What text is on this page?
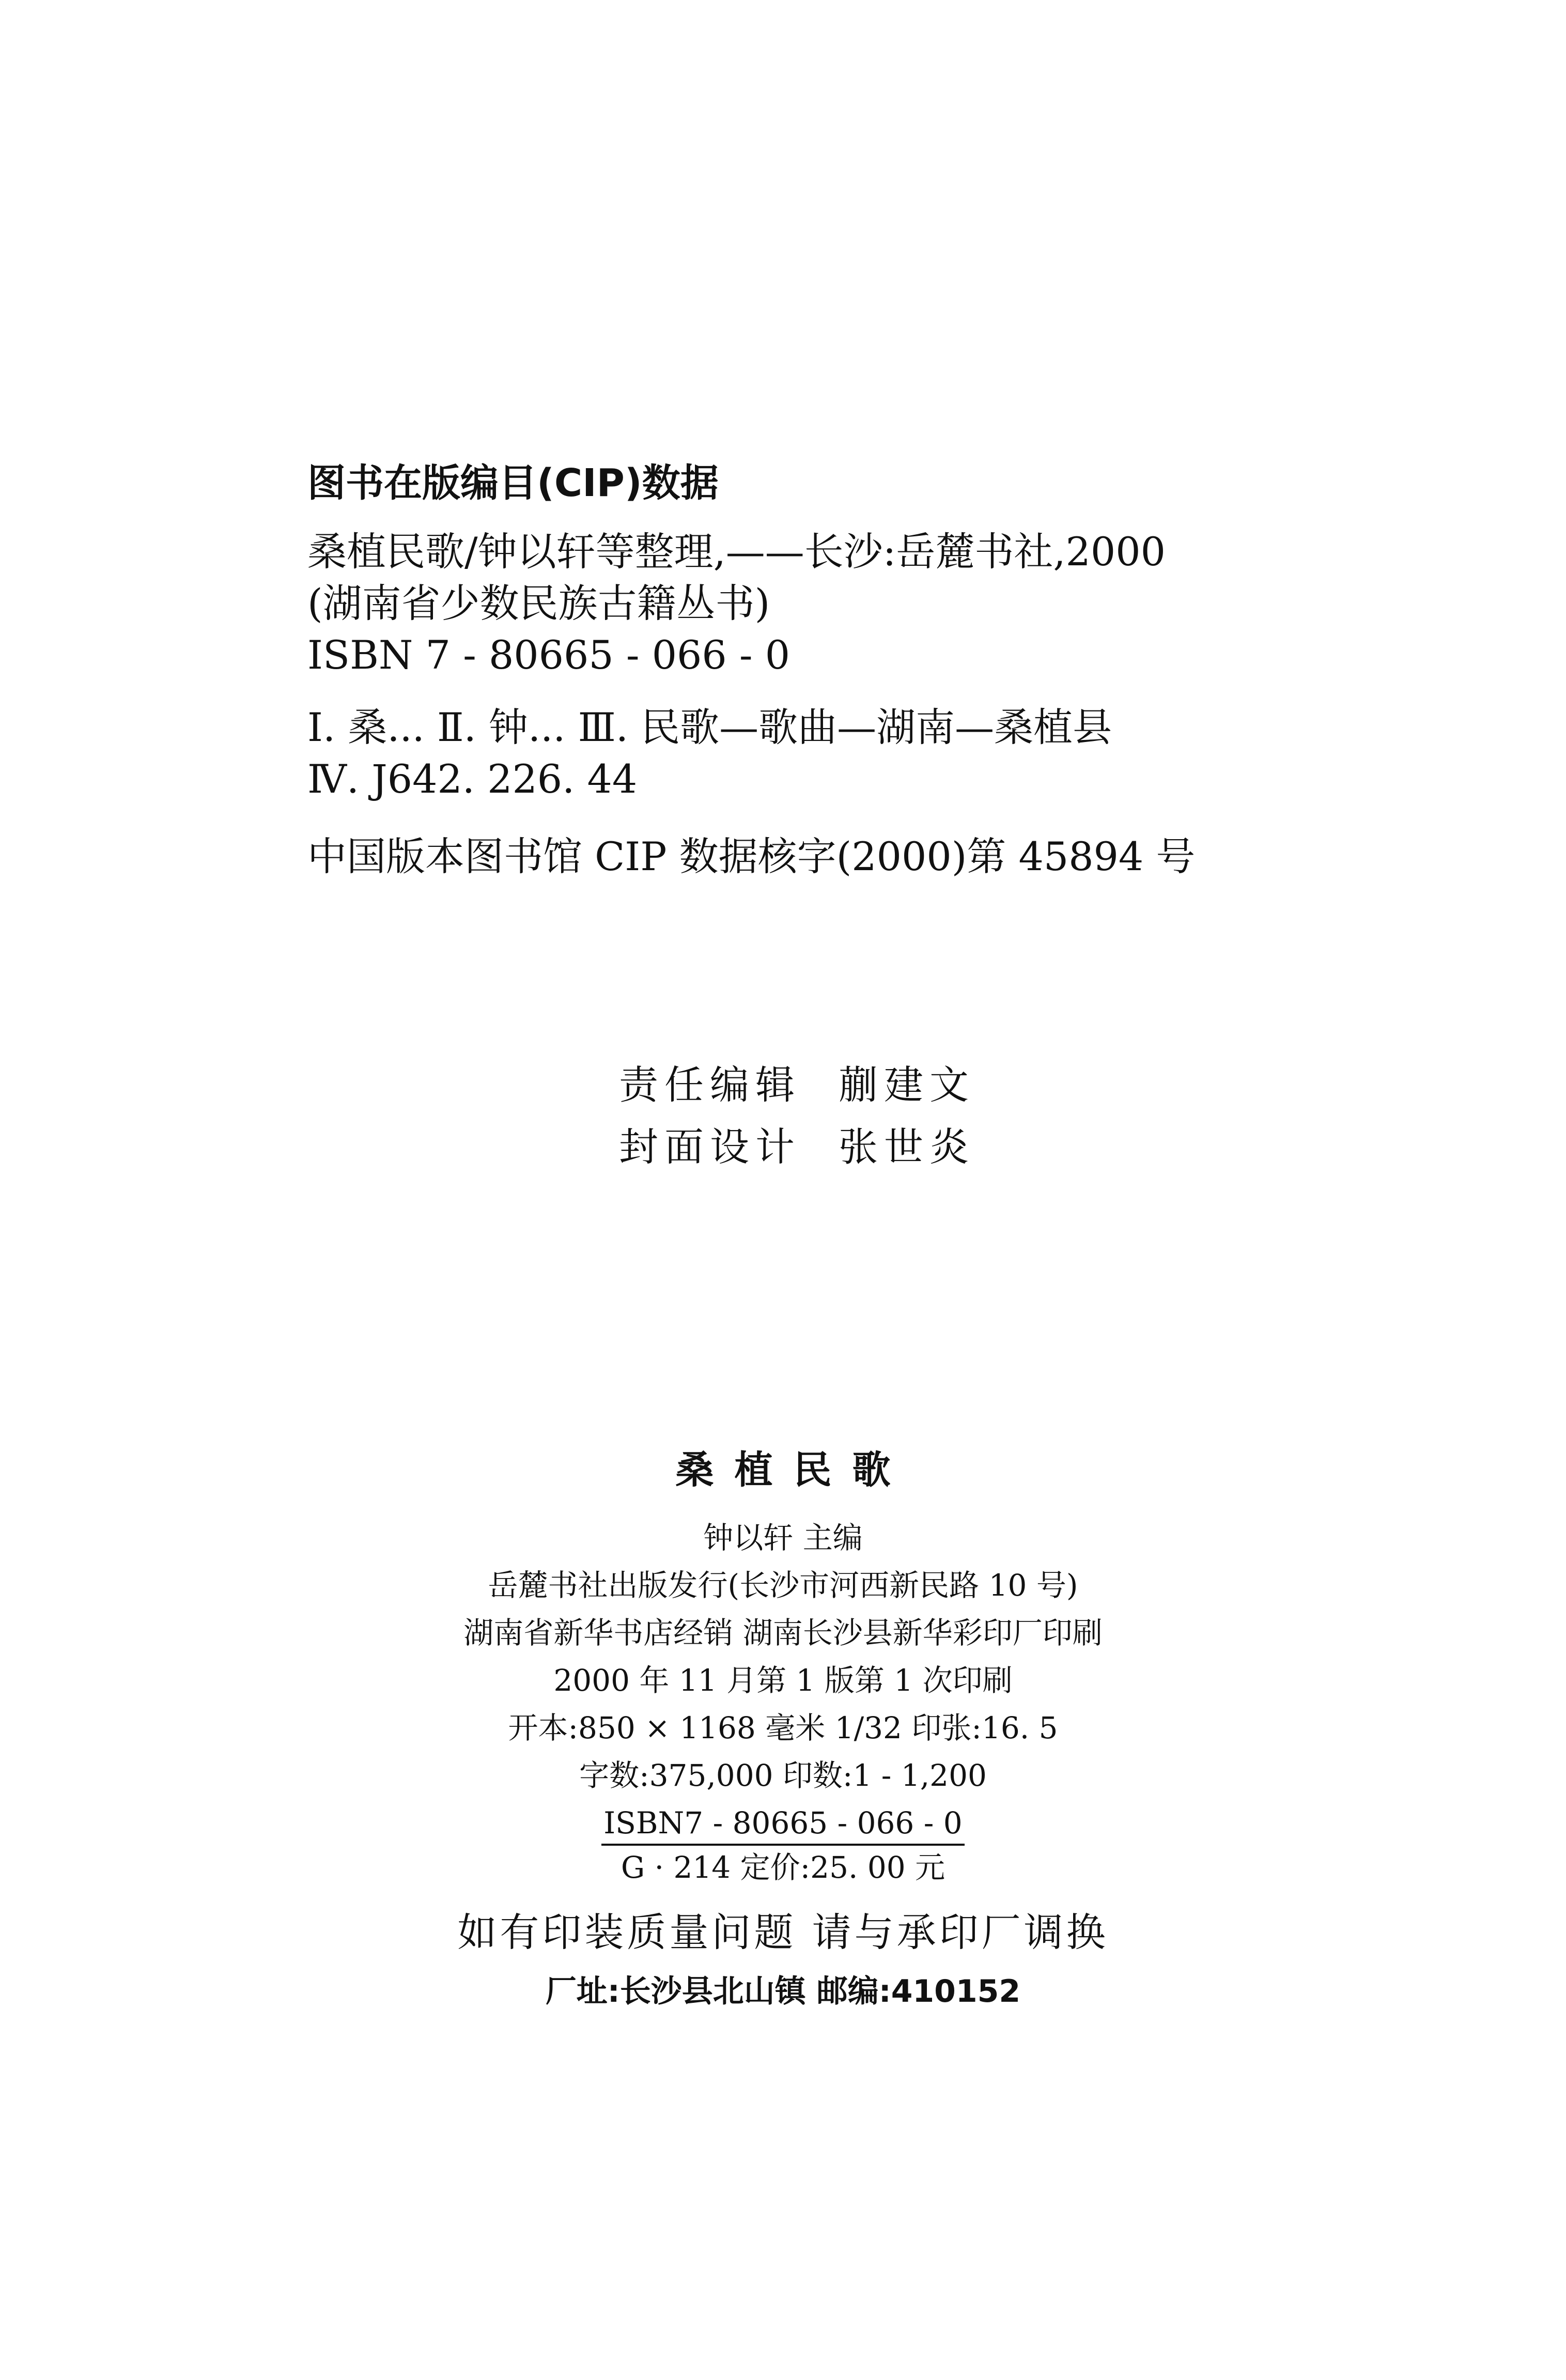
图书在版编目(CIP)数据
桑植民歌/钟以轩等整理,——长沙:岳麓书社,2000
(湖南省少数民族古籍丛书)
ISBN 7 - 80665 - 066 - 0
Ⅰ. 桑... Ⅱ. 钟... Ⅲ. 民歌—歌曲—湖南—桑植县
Ⅳ. J642. 226. 44
中国版本图书馆 CIP 数据核字(2000)第 45894 号
责任编辑 蒯建文
封面设计 张世炎
桑植民歌
钟以轩 主编
岳麓书社出版发行(长沙市河西新民路 10 号)
湖南省新华书店经销 湖南长沙县新华彩印厂印刷
2000 年 11 月第 1 版第 1 次印刷
开本:850 × 1168 毫米 1/32 印张:16. 5
字数:375,000 印数:1 - 1,200
ISBN7 - 80665 - 066 - 0
G · 214 定价:25. 00 元
如有印装质量问题 请与承印厂调换
厂址:长沙县北山镇 邮编:410152
